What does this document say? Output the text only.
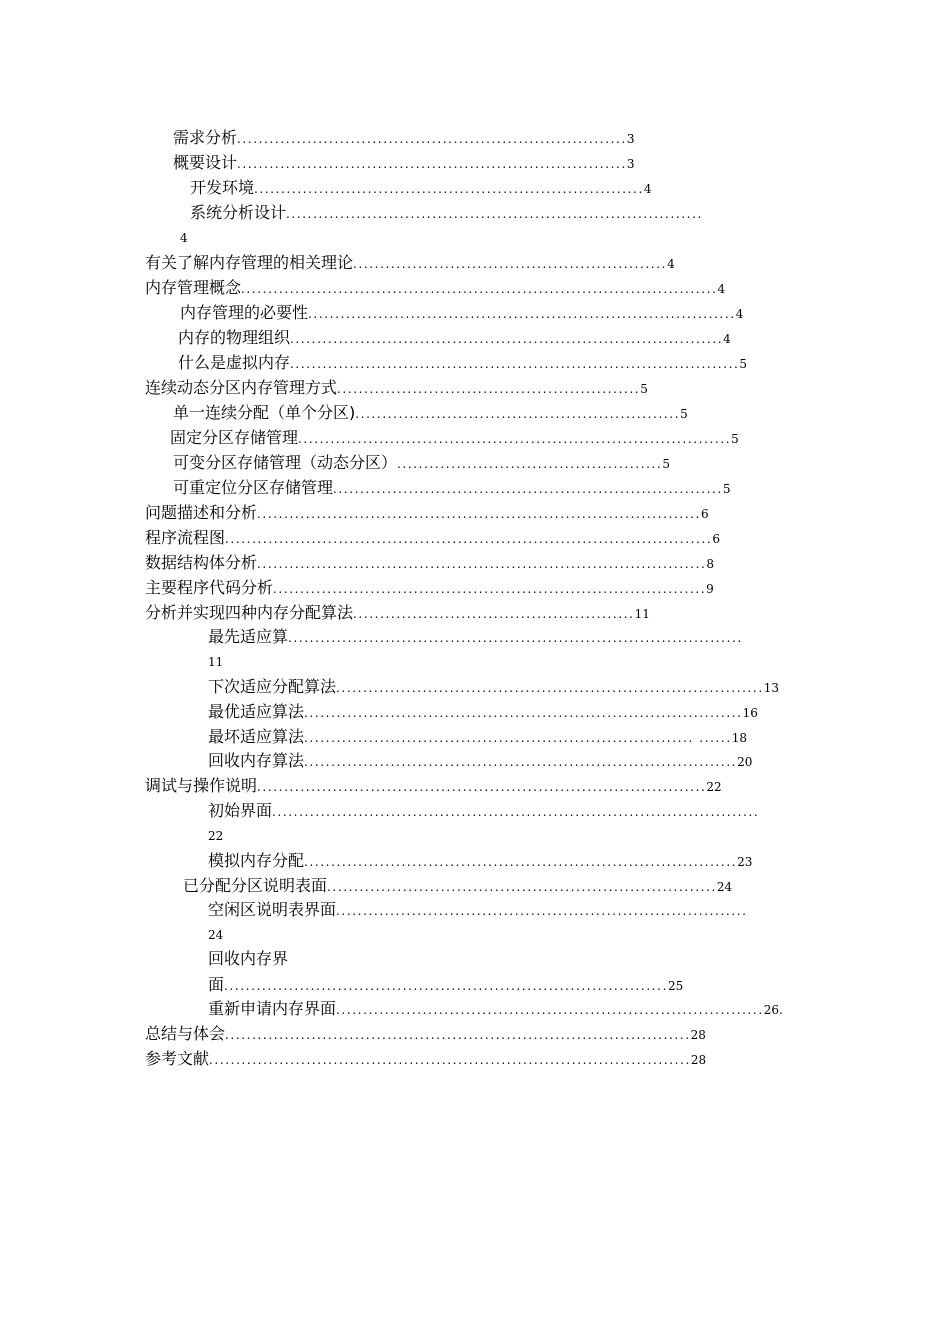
需求分析........................................................................3
概要设计........................................................................3
开发环境........................................................................4
系统分析设计.............................................................................
4
有关了解内存管理的相关理论..........................................................4
内存管理概念........................................................................................4
内存管理的必要性...............................................................................4
内存的物理组织................................................................................4
什么是虚拟内存...................................................................................5
连续动态分区内存管理方式........................................................5
单一连续分配（单个分区)............................................................5
固定分区存储管理................................................................................5
可变分区存储管理（动态分区）.................................................5
可重定位分区存储管理........................................................................5
问题描述和分析..................................................................................6
程序流程图..........................................................................................6
数据结构体分析...................................................................................8
主要程序代码分析................................................................................9
分析并实现四种内存分配算法....................................................11
最先适应算....................................................................................
11
下次适应分配算法...............................................................................13
最优适应算法.................................................................................16
最坏适应算法........................................................................ ......18
回收内存算法................................................................................20
调试与操作说明...................................................................................22
初始界面..........................................................................................
22
模拟内存分配................................................................................23
已分配分区说明表面........................................................................24
空闲区说明表界面............................................................................
24
回收内存界
面..................................................................................25
重新申请内存界面...............................................................................26.
总结与体会......................................................................................28
参考文献.........................................................................................28
